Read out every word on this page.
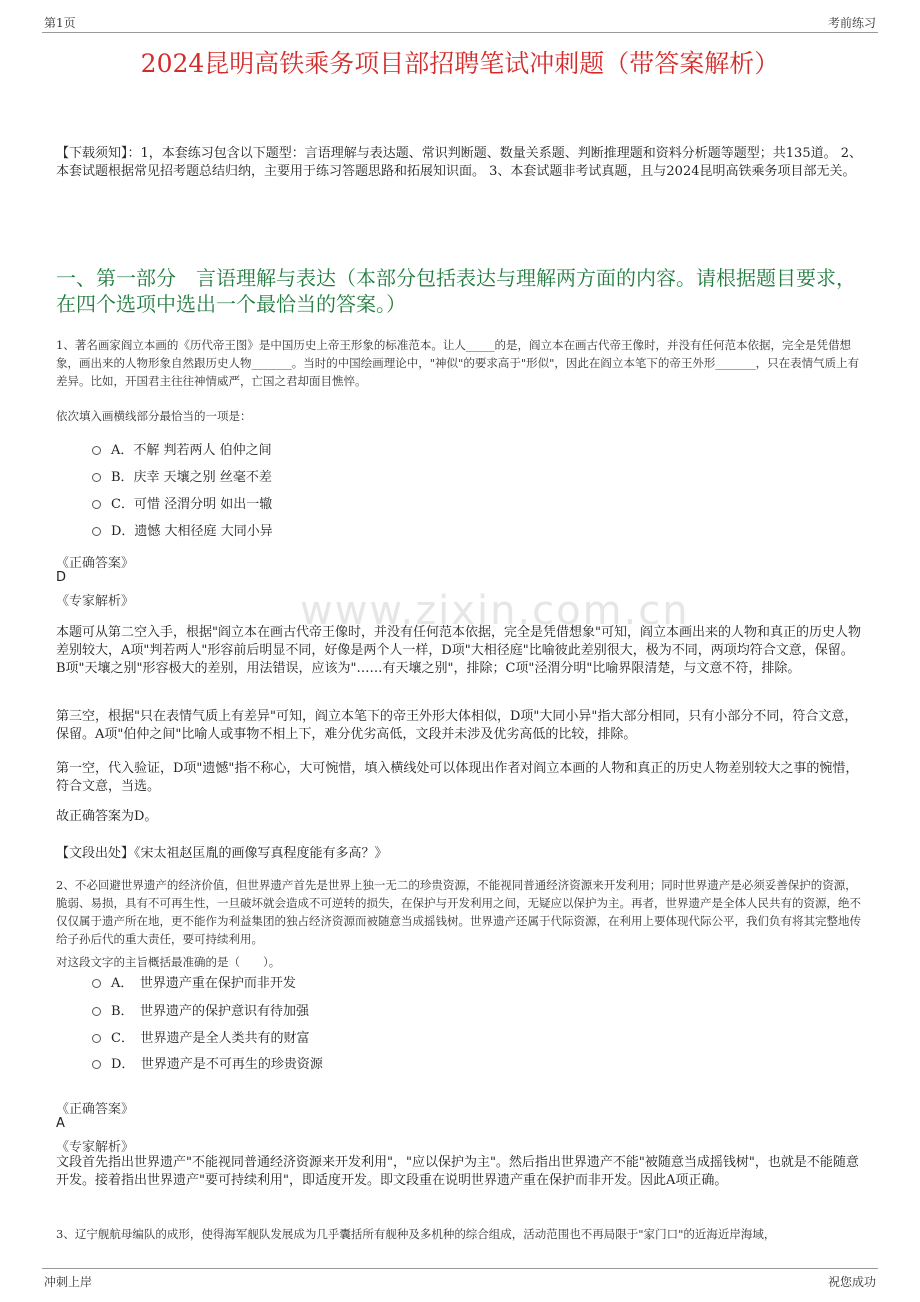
第1页	考前练习
2024昆明高铁乘务项目部招聘笔试冲刺题（带答案解析）
【下载须知】：1，本套练习包含以下题型：言语理解与表达题、常识判断题、数量关系题、判断推理题和资料分析题等题型；共135道。 2、本套试题根据常见招考题总结归纳，主要用于练习答题思路和拓展知识面。 3、本套试题非考试真题，且与2024昆明高铁乘务项目部无关。
一、第一部分　言语理解与表达（本部分包括表达与理解两方面的内容。请根据题目要求，在四个选项中选出一个最恰当的答案。）
www.zixin.com.cn
1、著名画家阎立本画的《历代帝王图》是中国历史上帝王形象的标准范本。让人_____的是，阎立本在画古代帝王像时，并没有任何范本依据，完全是凭借想象，画出来的人物形象自然跟历史人物_______。当时的中国绘画理论中，"神似"的要求高于"形似"，因此在阎立本笔下的帝王外形_______，只在表情气质上有差异。比如，开国君主往往神情威严，亡国之君却面目憔悴。
依次填入画横线部分最恰当的一项是：
A．不解 判若两人 伯仲之间
B．庆幸 天壤之别 丝毫不差
C．可惜 泾渭分明 如出一辙
D．遗憾 大相径庭 大同小异
《正确答案》
D
《专家解析》
本题可从第二空入手，根据"阎立本在画古代帝王像时，并没有任何范本依据，完全是凭借想象"可知，阎立本画出来的人物和真正的历史人物差别较大，A项"判若两人"形容前后明显不同，好像是两个人一样，D项"大相径庭"比喻彼此差别很大，极为不同，两项均符合文意，保留。B项"天壤之别"形容极大的差别，用法错误，应该为"……有天壤之别"，排除；C项"泾渭分明"比喻界限清楚，与文意不符，排除。
第三空，根据"只在表情气质上有差异"可知，阎立本笔下的帝王外形大体相似，D项"大同小异"指大部分相同，只有小部分不同，符合文意，保留。A项"伯仲之间"比喻人或事物不相上下，难分优劣高低，文段并未涉及优劣高低的比较，排除。
第一空，代入验证，D项"遗憾"指不称心，大可惋惜，填入横线处可以体现出作者对阎立本画的人物和真正的历史人物差别较大之事的惋惜，符合文意，当选。
故正确答案为D。
【文段出处】《宋太祖赵匡胤的画像写真程度能有多高？》
2、不必回避世界遗产的经济价值，但世界遗产首先是世界上独一无二的珍贵资源，不能视同普通经济资源来开发利用；同时世界遗产是必须妥善保护的资源，脆弱、易损，具有不可再生性，一旦破坏就会造成不可逆转的损失，在保护与开发利用之间，无疑应以保护为主。再者，世界遗产是全体人民共有的资源，绝不仅仅属于遗产所在地，更不能作为利益集团的独占经济资源而被随意当成摇钱树。世界遗产还属于代际资源，在利用上要体现代际公平，我们负有将其完整地传给子孙后代的重大责任，要可持续利用。
对这段文字的主旨概括最准确的是（　　）。
A．　世界遗产重在保护而非开发
B．　世界遗产的保护意识有待加强
C．　世界遗产是全人类共有的财富
D．　世界遗产是不可再生的珍贵资源
《正确答案》
A
《专家解析》
文段首先指出世界遗产"不能视同普通经济资源来开发利用"，"应以保护为主"。然后指出世界遗产不能"被随意当成摇钱树"，也就是不能随意开发。接着指出世界遗产"要可持续利用"，即适度开发。即文段重在说明世界遗产重在保护而非开发。因此A项正确。
3、辽宁舰航母编队的成形，使得海军舰队发展成为几乎囊括所有舰种及多机种的综合组成，活动范围也不再局限于"家门口"的近海近岸海域，
冲刺上岸	祝您成功
